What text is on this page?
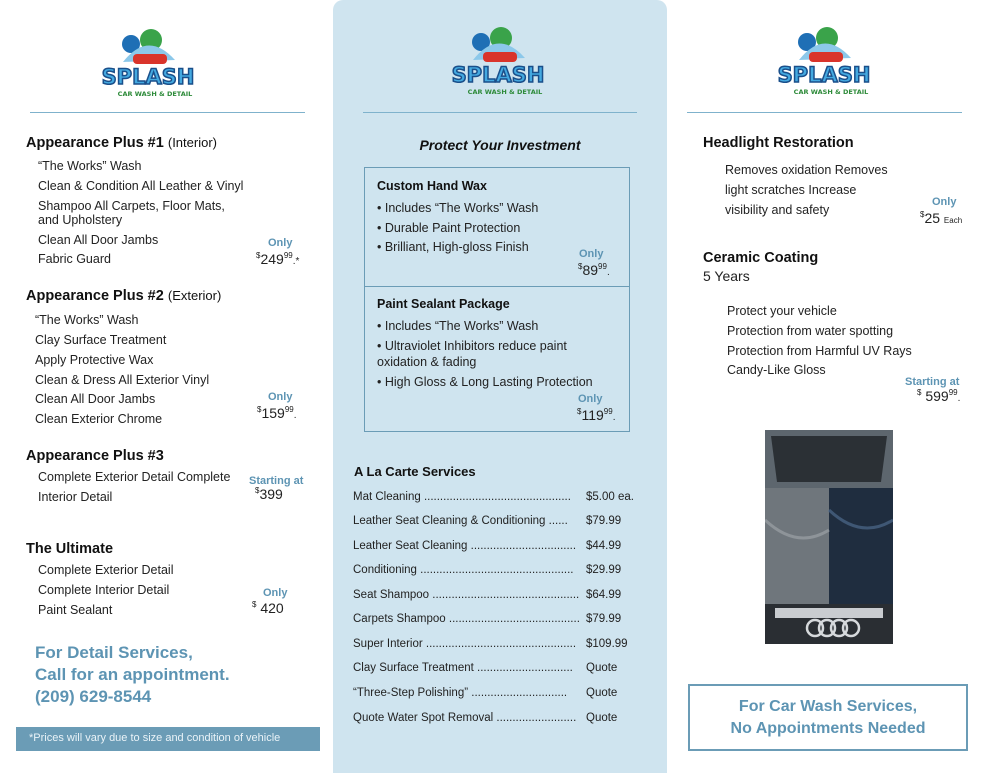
SPLASH
CAR WASH & DETAIL
Appearance Plus #1 (Interior)
“The Works” Wash
Clean & Condition All Leather & Vinyl
Shampoo All Carpets, Floor Mats,
and Upholstery
Clean All Door Jambs
Fabric Guard
Only
$^{\$}249^{99}.*$
Appearance Plus #2 (Exterior)
“The Works” Wash
Clay Surface Treatment
Apply Protective Wax
Clean & Dress All Exterior Vinyl
Clean All Door Jambs
Clean Exterior Chrome
Only
$^{\$}159^{99}$.
Appearance Plus #3
Complete Exterior Detail Complete
Interior Detail
Starting at
$399
The Ultimate
Complete Exterior Detail
Complete Interior Detail
Paint Sealant
Only
$ 420
For Detail Services,
Call for an appointment.
(209) 629-8544
*Prices will vary due to size and condition of vehicle
SPLASH
CAR WASH & DETAIL
Protect Your Investment
Custom Hand Wax
• Includes “The Works” Wash
• Durable Paint Protection
• Brilliant, High-gloss Finish	Only
$^{\$}89^{99}$.
Paint Sealant Package
• Includes “The Works” Wash
• Ultraviolet Inhibitors reduce paint
oxidation & fading
• High Gloss & Long Lasting Protection
Only
$^{\$}119^{99}$.
A La Carte Services
Mat Cleaning .............................................. $5.00 ea.
Leather Seat Cleaning & Conditioning ...... $79.99
Leather Seat Cleaning ................................. $44.99
Conditioning ................................................ $29.99
Seat Shampoo .............................................. $64.99
Carpets Shampoo ......................................... $79.99
Super Interior ............................................... $109.99
Clay Surface Treatment .............................. Quote
“Three-Step Polishing” .............................. Quote
Quote Water Spot Removal ......................... Quote
SPLASH
CAR WASH & DETAIL
Headlight Restoration
Removes oxidation Removes
light scratches Increase
visibility and safety
Only
$25 Each
Ceramic Coating
5 Years
Protect your vehicle
Protection from water spotting
Protection from Harmful UV Rays
Candy-Like Gloss
Starting at
$ $599^{99}$.
For Car Wash Services,
No Appointments Needed
